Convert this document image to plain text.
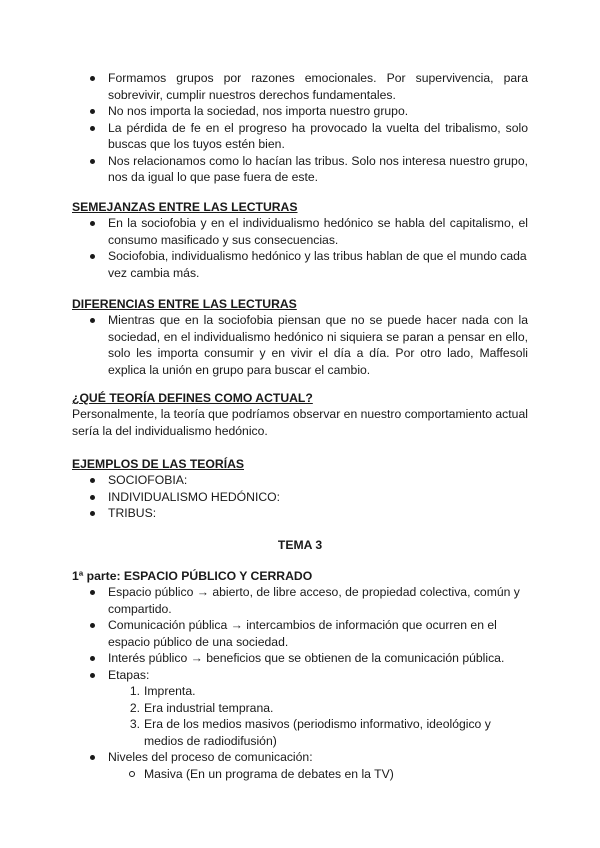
Formamos grupos por razones emocionales. Por supervivencia, para sobrevivir, cumplir nuestros derechos fundamentales.
No nos importa la sociedad, nos importa nuestro grupo.
La pérdida de fe en el progreso ha provocado la vuelta del tribalismo, solo buscas que los tuyos estén bien.
Nos relacionamos como lo hacían las tribus. Solo nos interesa nuestro grupo, nos da igual lo que pase fuera de este.
SEMEJANZAS ENTRE LAS LECTURAS
En la sociofobia y en el individualismo hedónico se habla del capitalismo, el consumo masificado y sus consecuencias.
Sociofobia, individualismo hedónico y las tribus hablan de que el mundo cada vez cambia más.
DIFERENCIAS ENTRE LAS LECTURAS
Mientras que en la sociofobia piensan que no se puede hacer nada con la sociedad, en el individualismo hedónico ni siquiera se paran a pensar en ello, solo les importa consumir y en vivir el día a día. Por otro lado, Maffesoli explica la unión en grupo para buscar el cambio.
¿QUÉ TEORÍA DEFINES COMO ACTUAL?
Personalmente, la teoría que podríamos observar en nuestro comportamiento actual sería la del individualismo hedónico.
EJEMPLOS DE LAS TEORÍAS
SOCIOFOBIA:
INDIVIDUALISMO HEDÓNICO:
TRIBUS:
TEMA 3
1ª parte: ESPACIO PÚBLICO Y CERRADO
Espacio público → abierto, de libre acceso, de propiedad colectiva, común y compartido.
Comunicación pública → intercambios de información que ocurren en el espacio público de una sociedad.
Interés público → beneficios que se obtienen de la comunicación pública.
Etapas:
1. Imprenta.
2. Era industrial temprana.
3. Era de los medios masivos (periodismo informativo, ideológico y medios de radiodifusión)
Niveles del proceso de comunicación:
Masiva (En un programa de debates en la TV)
